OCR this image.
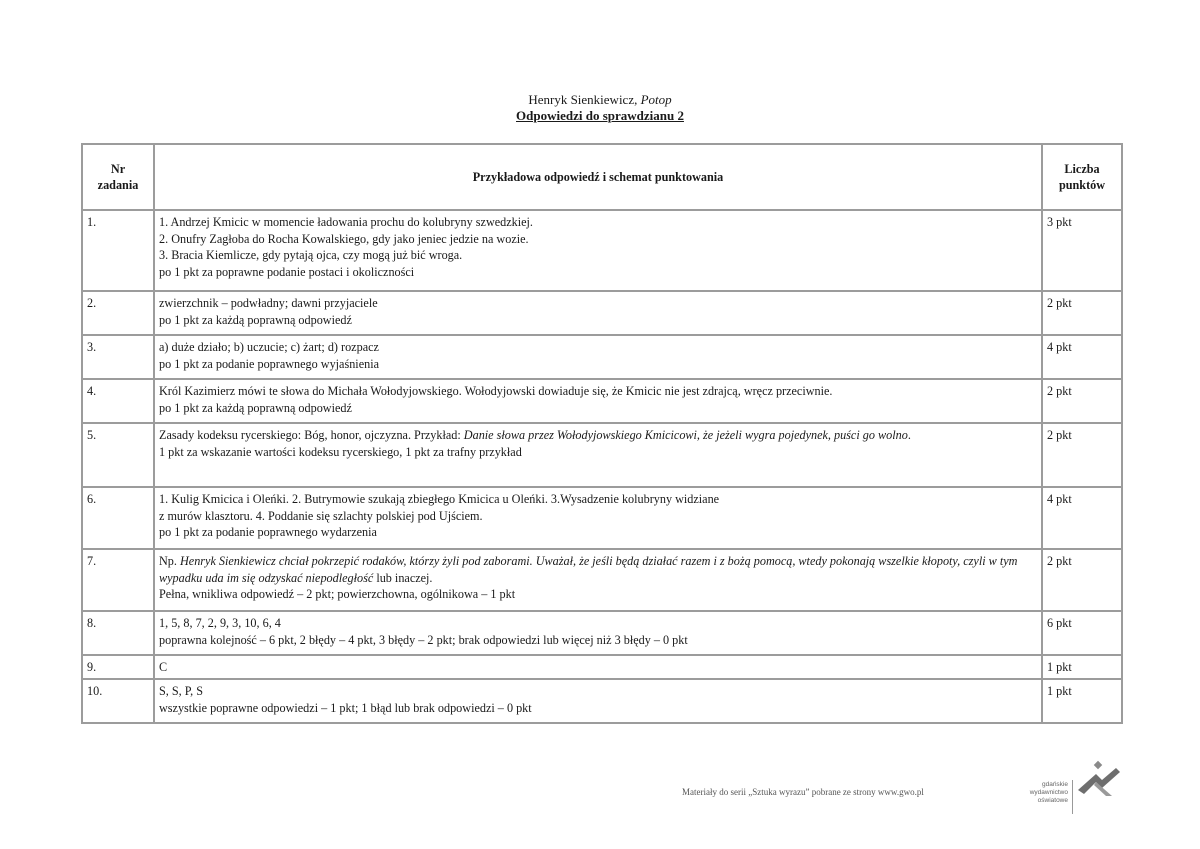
Henryk Sienkiewicz, Potop
Odpowiedzi do sprawdzianu 2
Nr
zadania	Przykładowa odpowiedź i schemat punktowania	Liczba
punktów

1.	1. Andrzej Kmicic w momencie ładowania prochu do kolubryny szwedzkiej.
2. Onufry Zagłoba do Rocha Kowalskiego, gdy jako jeniec jedzie na wozie.
3. Bracia Kiemlicze, gdy pytają ojca, czy mogą już bić wroga.
po 1 pkt za poprawne podanie postaci i okoliczności	3 pkt
2.	zwierzchnik – podwładny; dawni przyjaciele
po 1 pkt za każdą poprawną odpowiedź	2 pkt
3.	a) duże działo; b) uczucie; c) żart; d) rozpacz
po 1 pkt za podanie poprawnego wyjaśnienia	4 pkt
4.	Król Kazimierz mówi te słowa do Michała Wołodyjowskiego. Wołodyjowski dowiaduje się, że Kmicic nie jest zdrajcą, wręcz przeciwnie.
po 1 pkt za każdą poprawną odpowiedź	2 pkt
5.	Zasady kodeksu rycerskiego: Bóg, honor, ojczyzna. Przykład: Danie słowa przez Wołodyjowskiego Kmicicowi, że jeżeli wygra pojedynek, puści go wolno.
1 pkt za wskazanie wartości kodeksu rycerskiego, 1 pkt za trafny przykład	2 pkt
6.	1. Kulig Kmicica i Oleńki. 2. Butrymowie szukają zbiegłego Kmicica u Oleńki. 3.Wysadzenie kolubryny widziane
z murów klasztoru. 4. Poddanie się szlachty polskiej pod Ujściem.
po 1 pkt za podanie poprawnego wydarzenia	4 pkt
7.	Np. Henryk Sienkiewicz chciał pokrzepić rodaków, którzy żyli pod zaborami. Uważał, że jeśli będą działać razem i z bożą pomocą, wtedy pokonają wszelkie kłopoty, czyli w tym wypadku uda im się odzyskać niepodległość lub inaczej.
Pełna, wnikliwa odpowiedź – 2 pkt; powierzchowna, ogólnikowa – 1 pkt	2 pkt
8.	1, 5, 8, 7, 2, 9, 3, 10, 6, 4
poprawna kolejność – 6 pkt, 2 błędy – 4 pkt, 3 błędy – 2 pkt; brak odpowiedzi lub więcej niż 3 błędy – 0 pkt	6 pkt
9.	C	1 pkt
10.	S, S, P, S
wszystkie poprawne odpowiedzi – 1 pkt; 1 błąd lub brak odpowiedzi – 0 pkt	1 pkt
Materiały do serii „Sztuka wyrazu” pobrane ze strony www.gwo.pl
gdańskie
wydawnictwo
oświatowe
